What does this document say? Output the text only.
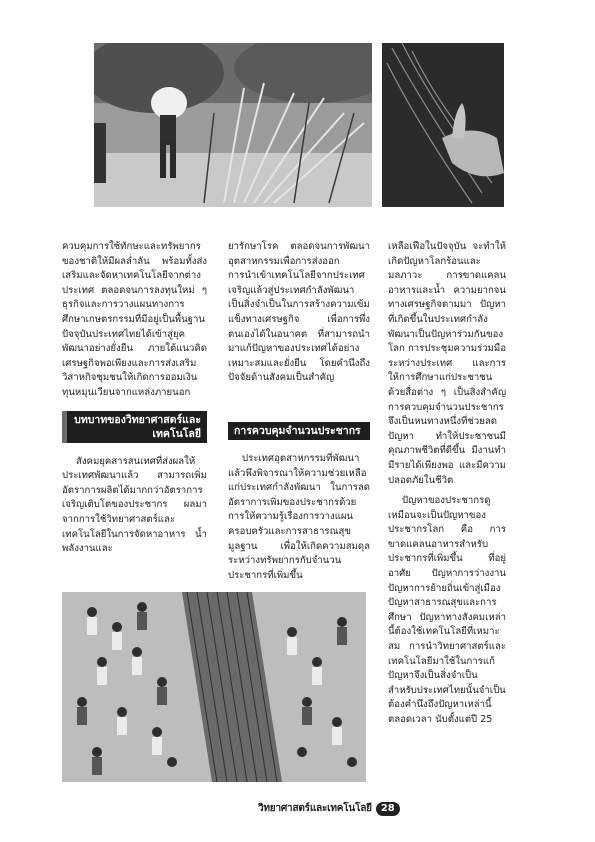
ควบคุมการใช้ทักษะและทรัพยากรของชาติให้มีผลล่ำลัน พร้อมทั้งส่งเสริมและจัดหาเทคโนโลยีจากต่างประเทศ ตลอดจนการลงทุนใหม่ ๆ ธุรกิจและการวางแผนทางการศึกษาเกษตรกรรมที่มีอยู่เป็นพื้นฐานปัจจุบันประเทศไทยได้เข้าสู่ยุคพัฒนาอย่างยั่งยืน ภายใต้แนวคิดเศรษฐกิจพอเพียงและการส่งเสริมวิสาหกิจชุมชนให้เกิดการออมเงินทุนหมุนเวียนจากแหล่งภายนอก

บทบาทของวิทยาศาสตร์และเทคโนโลยี

สังคมยุคสารสนเทศที่ส่งผลให้ประเทศพัฒนาแล้ว สามารถเพิ่มอัตราการผลิตได้มากกว่าอัตราการเจริญเติบโตของประชากร ผลมาจากการใช้วิทยาศาสตร์และเทคโนโลยีในการจัดหาอาหาร น้ำ พลังงานและ

ยารักษาโรค ตลอดจนการพัฒนาอุตสาหกรรมเพื่อการส่งออก การนำเข้าเทคโนโลยีจากประเทศเจริญแล้วสู่ประเทศกำลังพัฒนาเป็นสิ่งจำเป็นในการสร้างความเข้มแข็งทางเศรษฐกิจ เพื่อการพึ่งตนเองได้ในอนาคต ที่สามารถนำมาแก้ปัญหาของประเทศได้อย่างเหมาะสมและยั่งยืน โดยคำนึงถึงปัจจัยด้านสังคมเป็นสำคัญ

การควบคุมจำนวนประชากร

ประเทศอุตสาหกรรมที่พัฒนาแล้วพึงพิจารณาให้ความช่วยเหลือแก่ประเทศกำลังพัฒนา ในการลดอัตราการเพิ่มของประชากรด้วยการให้ความรู้เรื่องการวางแผนครอบครัวและการสาธารณสุขมูลฐาน เพื่อให้เกิดความสมดุลระหว่างทรัพยากรกับจำนวนประชากรที่เพิ่มขึ้น

เหลือเฟือในปัจจุบัน จะทำให้เกิดปัญหาโลกร้อนและมลภาวะ การขาดแคลนอาหารและน้ำ ความยากจนทางเศรษฐกิจตามมา ปัญหาที่เกิดขึ้นในประเทศกำลังพัฒนาเป็นปัญหาร่วมกันของโลก การประชุมความร่วมมือระหว่างประเทศ และการให้การศึกษาแก่ประชาชนด้วยสื่อต่าง ๆ เป็นสิ่งสำคัญ การควบคุมจำนวนประชากรจึงเป็นหนทางหนึ่งที่ช่วยลดปัญหา ทำให้ประชาชนมีคุณภาพชีวิตที่ดีขึ้น มีงานทำ มีรายได้เพียงพอ และมีความปลอดภัยในชีวิต

ปัญหาของประชากรดูเหมือนจะเป็นปัญหาของประชากรโลก คือ การขาดแคลนอาหารสำหรับประชากรที่เพิ่มขึ้น ที่อยู่อาศัย ปัญหาการว่างงาน ปัญหาการย้ายถิ่นเข้าสู่เมือง ปัญหาสาธารณสุขและการศึกษา ปัญหาทางสังคมเหล่านี้ต้องใช้เทคโนโลยีที่เหมาะสม การนำวิทยาศาสตร์และเทคโนโลยีมาใช้ในการแก้ปัญหาจึงเป็นสิ่งจำเป็น สำหรับประเทศไทยนั้นจำเป็นต้องคำนึงถึงปัญหาเหล่านี้ตลอดเวลา นับตั้งแต่ปี 25

วิทยาศาสตร์และเทคโนโลยี 28
